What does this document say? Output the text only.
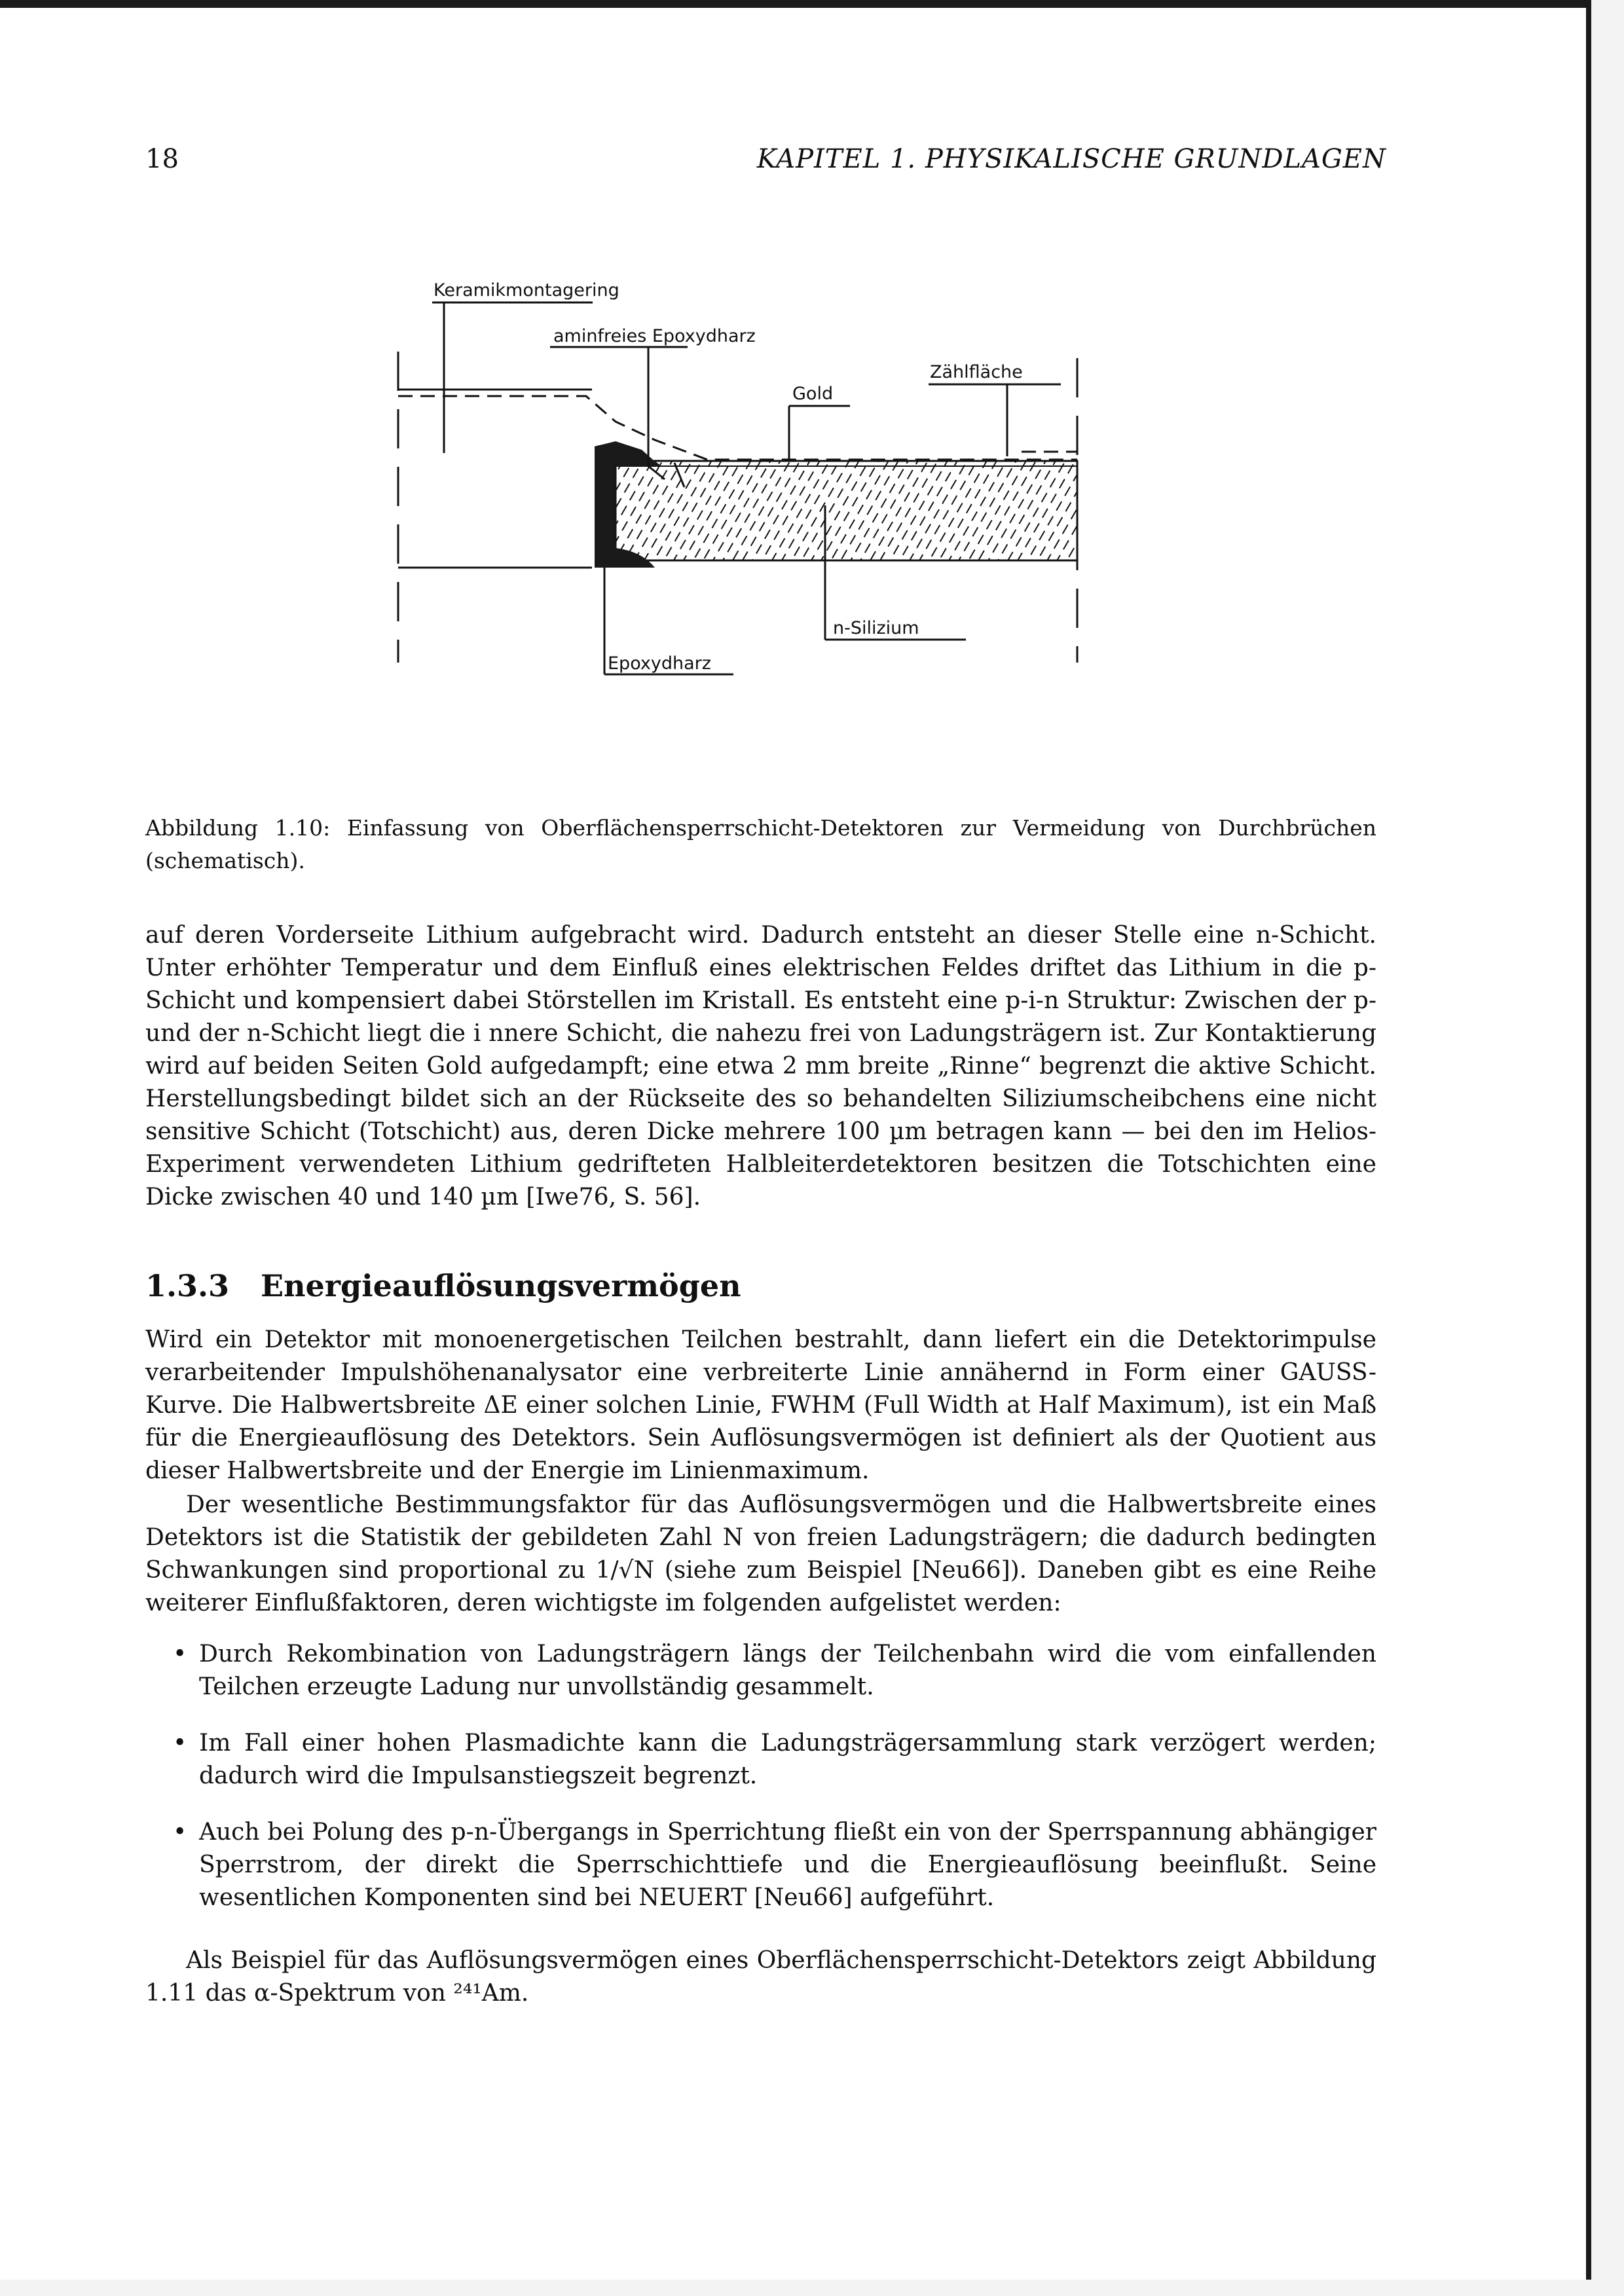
18	KAPITEL 1. PHYSIKALISCHE GRUNDLAGEN
Keramikmontagering
aminfreies Epoxydharz
Gold
Zählfläche
n-Silizium
Epoxydharz
Abbildung 1.10: Einfassung von Oberflächensperrschicht-Detektoren zur Vermeidung von Durchbrüchen (schematisch).

auf deren Vorderseite Lithium aufgebracht wird. Dadurch entsteht an dieser Stelle eine n-Schicht. Unter erhöhter Temperatur und dem Einfluß eines elektrischen Feldes driftet das Lithium in die p-Schicht und kompensiert dabei Störstellen im Kristall. Es entsteht eine p-i-n Struktur: Zwischen der p- und der n-Schicht liegt die i nnere Schicht, die nahezu frei von Ladungsträgern ist. Zur Kontaktierung wird auf beiden Seiten Gold aufgedampft; eine etwa 2 mm breite „Rinne“ begrenzt die aktive Schicht. Herstellungsbedingt bildet sich an der Rückseite des so behandelten Siliziumscheibchens eine nicht sensitive Schicht (Totschicht) aus, deren Dicke mehrere 100 µm betragen kann — bei den im Helios-Experiment verwendeten Lithium gedrifteten Halbleiterdetektoren besitzen die Totschichten eine Dicke zwischen 40 und 140 µm [Iwe76, S. 56].

1.3.3 Energieauflösungsvermögen

Wird ein Detektor mit monoenergetischen Teilchen bestrahlt, dann liefert ein die Detektorimpulse verarbeitender Impulshöhenanalysator eine verbreiterte Linie annähernd in Form einer GAUSS-Kurve. Die Halbwertsbreite ΔE einer solchen Linie, FWHM (Full Width at Half Maximum), ist ein Maß für die Energieauflösung des Detektors. Sein Auflösungsvermögen ist definiert als der Quotient aus dieser Halbwertsbreite und der Energie im Linienmaximum.

Der wesentliche Bestimmungsfaktor für das Auflösungsvermögen und die Halbwertsbreite eines Detektors ist die Statistik der gebildeten Zahl N von freien Ladungsträgern; die dadurch bedingten Schwankungen sind proportional zu 1/√N (siehe zum Beispiel [Neu66]). Daneben gibt es eine Reihe weiterer Einflußfaktoren, deren wichtigste im folgenden aufgelistet werden:

• Durch Rekombination von Ladungsträgern längs der Teilchenbahn wird die vom einfallenden Teilchen erzeugte Ladung nur unvollständig gesammelt.
• Im Fall einer hohen Plasmadichte kann die Ladungsträgersammlung stark verzögert werden; dadurch wird die Impulsanstiegszeit begrenzt.
• Auch bei Polung des p-n-Übergangs in Sperrichtung fließt ein von der Sperrspannung abhängiger Sperrstrom, der direkt die Sperrschichttiefe und die Energieauflösung beeinflußt. Seine wesentlichen Komponenten sind bei NEUERT [Neu66] aufgeführt.

Als Beispiel für das Auflösungsvermögen eines Oberflächensperrschicht-Detektors zeigt Abbildung 1.11 das α-Spektrum von ²⁴¹Am.
